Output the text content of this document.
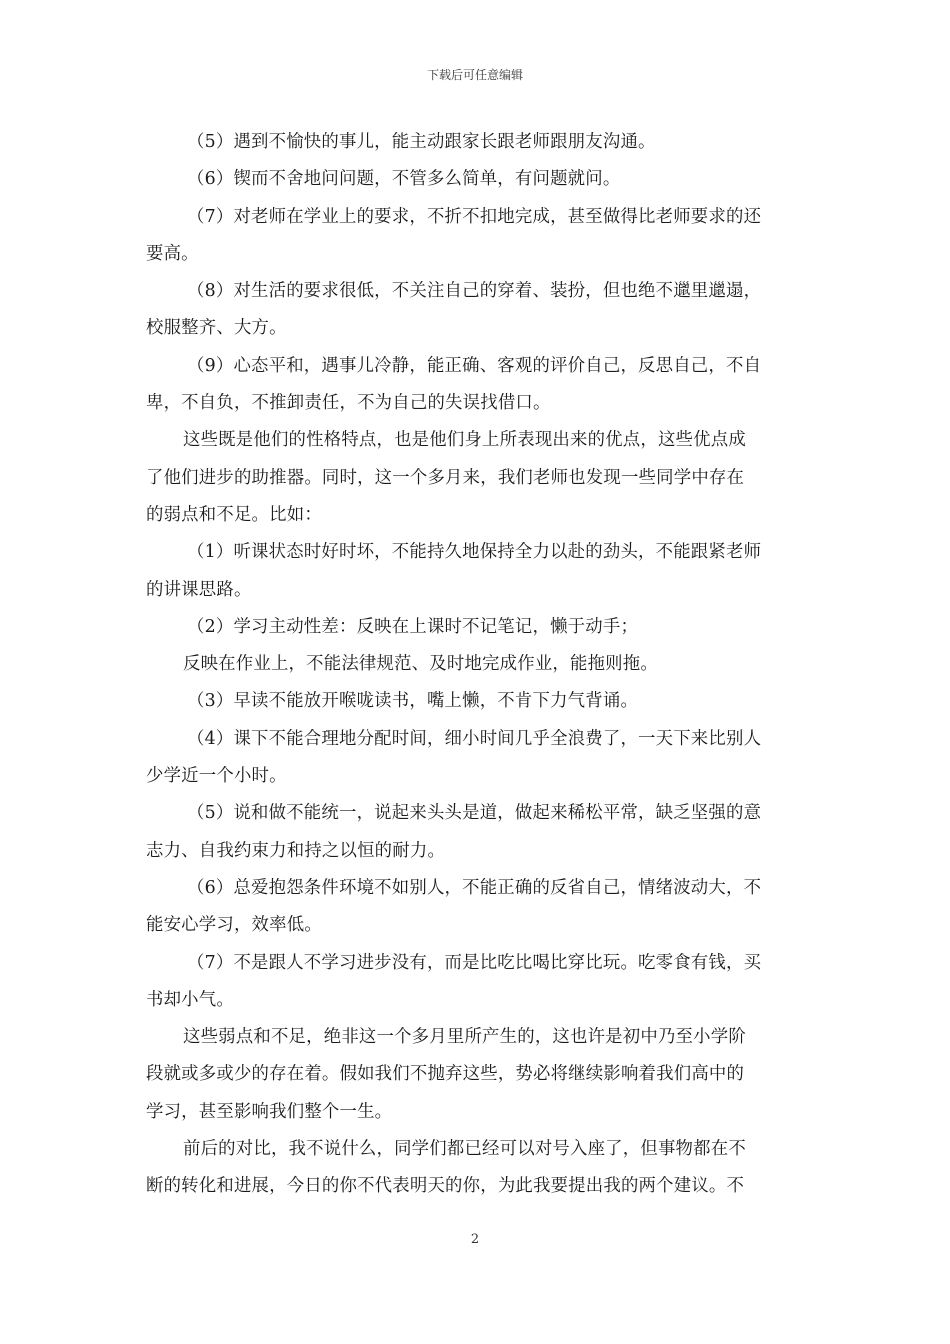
下载后可任意编辑

（5）遇到不愉快的事儿，能主动跟家长跟老师跟朋友沟通。

（6）锲而不舍地问问题，不管多么简单，有问题就问。

（7）对老师在学业上的要求，不折不扣地完成，甚至做得比老师要求的还

要高。

（8）对生活的要求很低，不关注自己的穿着、装扮，但也绝不邋里邋遢，

校服整齐、大方。

（9）心态平和，遇事儿冷静，能正确、客观的评价自己，反思自己，不自

卑，不自负，不推卸责任，不为自己的失误找借口。

这些既是他们的性格特点，也是他们身上所表现出来的优点，这些优点成

了他们进步的助推器。同时，这一个多月来，我们老师也发现一些同学中存在

的弱点和不足。比如：

（1）听课状态时好时坏，不能持久地保持全力以赴的劲头，不能跟紧老师

的讲课思路。

（2）学习主动性差：反映在上课时不记笔记，懒于动手；

反映在作业上，不能法律规范、及时地完成作业，能拖则拖。

（3）早读不能放开喉咙读书，嘴上懒，不肯下力气背诵。

（4）课下不能合理地分配时间，细小时间几乎全浪费了，一天下来比别人

少学近一个小时。

（5）说和做不能统一，说起来头头是道，做起来稀松平常，缺乏坚强的意

志力、自我约束力和持之以恒的耐力。

（6）总爱抱怨条件环境不如别人，不能正确的反省自己，情绪波动大，不

能安心学习，效率低。

（7）不是跟人不学习进步没有，而是比吃比喝比穿比玩。吃零食有钱，买

书却小气。

这些弱点和不足，绝非这一个多月里所产生的，这也许是初中乃至小学阶

段就或多或少的存在着。假如我们不抛弃这些，势必将继续影响着我们高中的

学习，甚至影响我们整个一生。

前后的对比，我不说什么，同学们都已经可以对号入座了，但事物都在不

断的转化和进展，今日的你不代表明天的你，为此我要提出我的两个建议。不

2
